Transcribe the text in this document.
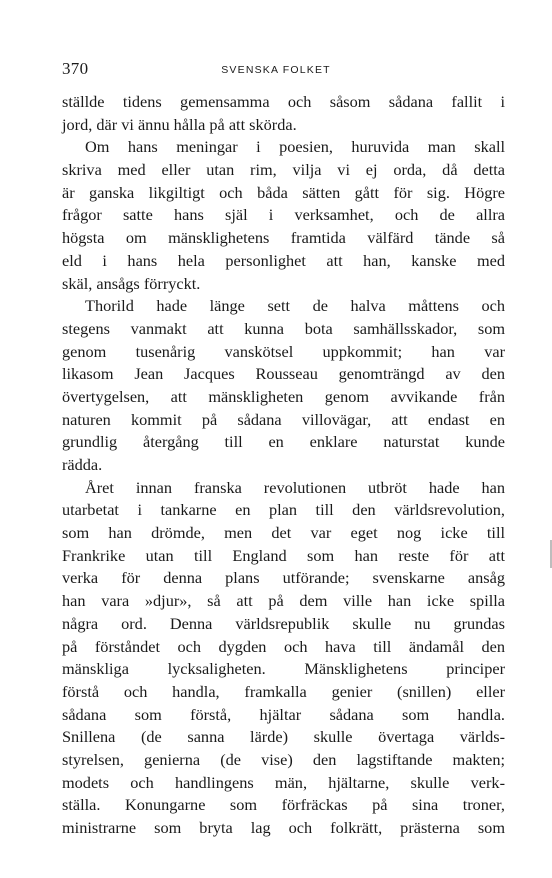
370	SVENSKA FOLKET
ställde tidens gemensamma och såsom sådana fallit i
jord, där vi ännu hålla på att skörda.
Om hans meningar i poesien, huruvida man skall
skriva med eller utan rim, vilja vi ej orda, då detta
är ganska likgiltigt och båda sätten gått för sig. Högre
frågor satte hans själ i verksamhet, och de allra
högsta om mänsklighetens framtida välfärd tände så
eld i hans hela personlighet att han, kanske med
skäl, ansågs förryckt.
Thorild hade länge sett de halva måttens och
stegens vanmakt att kunna bota samhällsskador, som
genom tusenårig vanskötsel uppkommit; han var
likasom Jean Jacques Rousseau genomträngd av den
övertygelsen, att mänskligheten genom avvikande från
naturen kommit på sådana villovägar, att endast en
grundlig återgång till en enklare naturstat kunde
rädda.
Året innan franska revolutionen utbröt hade han
utarbetat i tankarne en plan till den världsrevolution,
som han drömde, men det var eget nog icke till
Frankrike utan till England som han reste för att
verka för denna plans utförande; svenskarne ansåg
han vara »djur», så att på dem ville han icke spilla
några ord. Denna världsrepublik skulle nu grundas
på förståndet och dygden och hava till ändamål den
mänskliga lycksaligheten. Mänsklighetens principer
förstå och handla, framkalla genier (snillen) eller
sådana som förstå, hjältar sådana som handla.
Snillena (de sanna lärde) skulle övertaga världs-
styrelsen, genierna (de vise) den lagstiftande makten;
modets och handlingens män, hjältarne, skulle verk-
ställa. Konungarne som förfräckas på sina troner,
ministrarne som bryta lag och folkrätt, prästerna som
